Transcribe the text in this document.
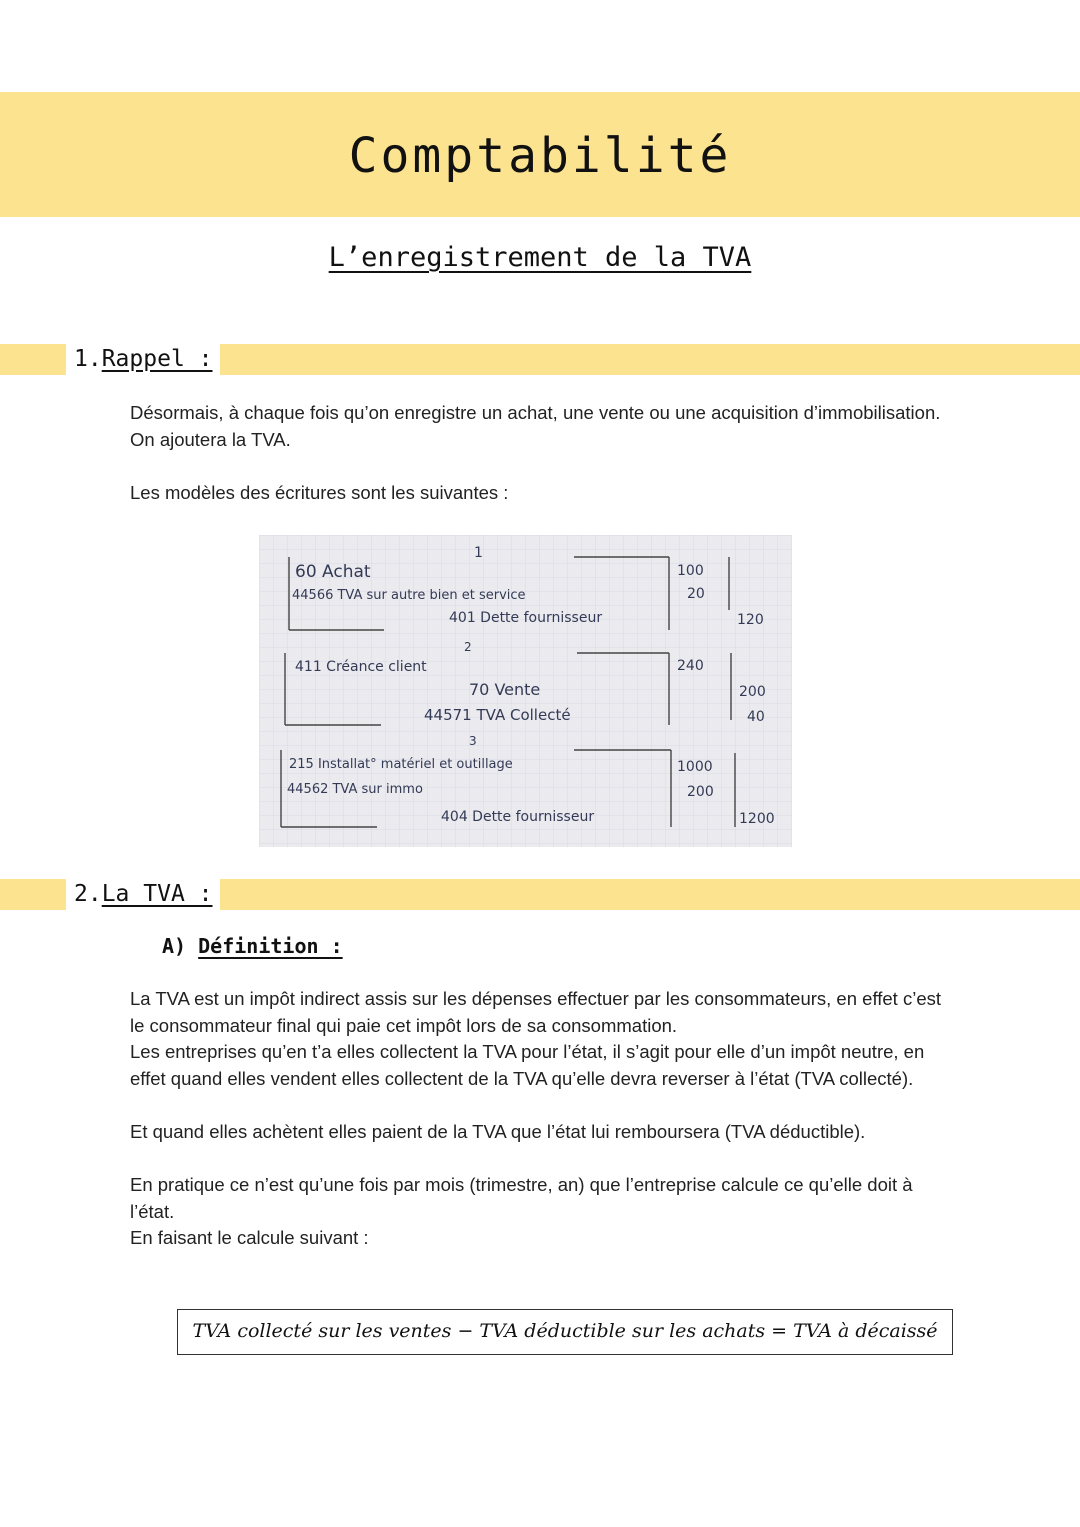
Comptabilité
L’enregistrement de la TVA
1.Rappel :
Désormais, à chaque fois qu’on enregistre un achat, une vente ou une acquisition d’immobilisation. On ajoutera la TVA.
Les modèles des écritures sont les suivantes :
1
60 Achat
44566 TVA sur autre bien et service
401 Dette fournisseur
100
20
120
2
411 Créance client
70 Vente
44571 TVA Collecté
240
200
40
3
215 Installat° matériel et outillage
44562 TVA sur immo
404 Dette fournisseur
1000
200
1200
2.La TVA :
A) Définition :
La TVA est un impôt indirect assis sur les dépenses effectuer par les consommateurs, en effet c’est le consommateur final qui paie cet impôt lors de sa consommation.
Les entreprises qu’en t’a elles collectent la TVA pour l’état, il s’agit pour elle d’un impôt neutre, en effet quand elles vendent elles collectent de la TVA qu’elle devra reverser à l’état (TVA collecté).
Et quand elles achètent elles paient de la TVA que l’état lui remboursera (TVA déductible).
En pratique ce n’est qu’une fois par mois (trimestre, an) que l’entreprise calcule ce qu’elle doit à l’état.
En faisant le calcule suivant :
TVA collecté sur les ventes − TVA déductible sur les achats = TVA à décaissé
